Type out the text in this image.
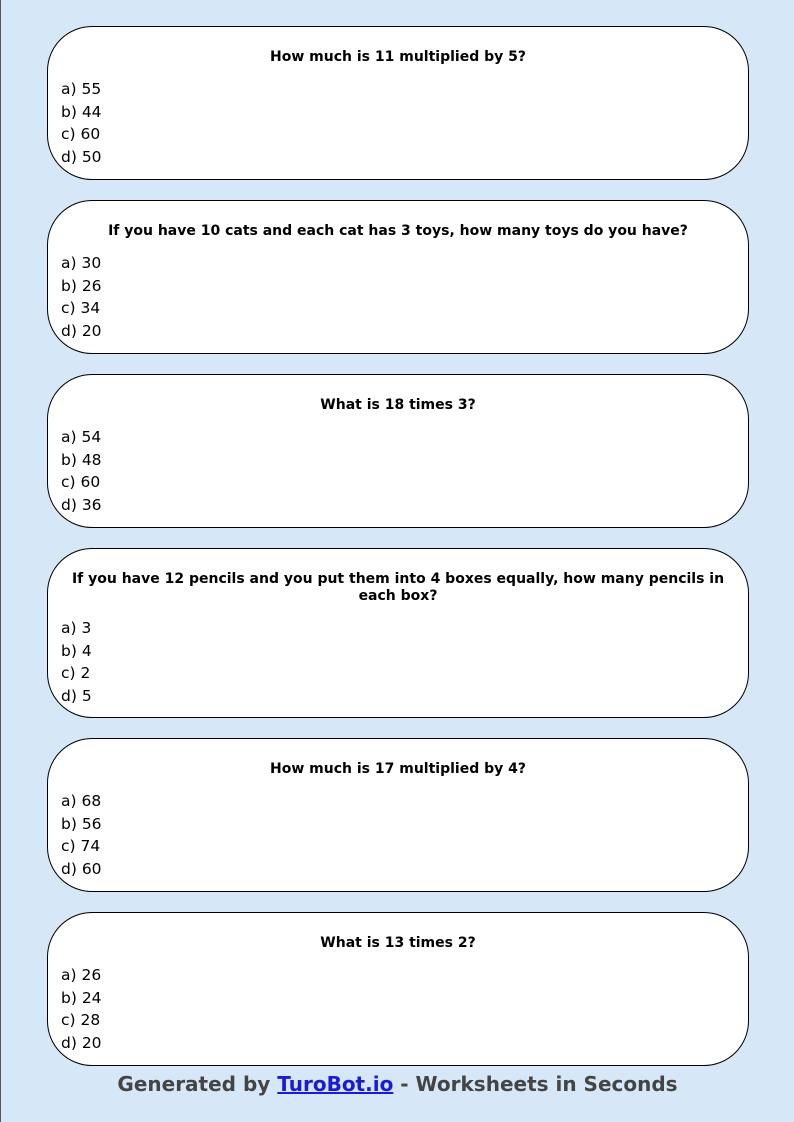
How much is 11 multiplied by 5?
a) 55
b) 44
c) 60
d) 50
If you have 10 cats and each cat has 3 toys, how many toys do you have?
a) 30
b) 26
c) 34
d) 20
What is 18 times 3?
a) 54
b) 48
c) 60
d) 36
If you have 12 pencils and you put them into 4 boxes equally, how many pencils in each box?
a) 3
b) 4
c) 2
d) 5
How much is 17 multiplied by 4?
a) 68
b) 56
c) 74
d) 60
What is 13 times 2?
a) 26
b) 24
c) 28
d) 20
Generated by TuroBot.io - Worksheets in Seconds
